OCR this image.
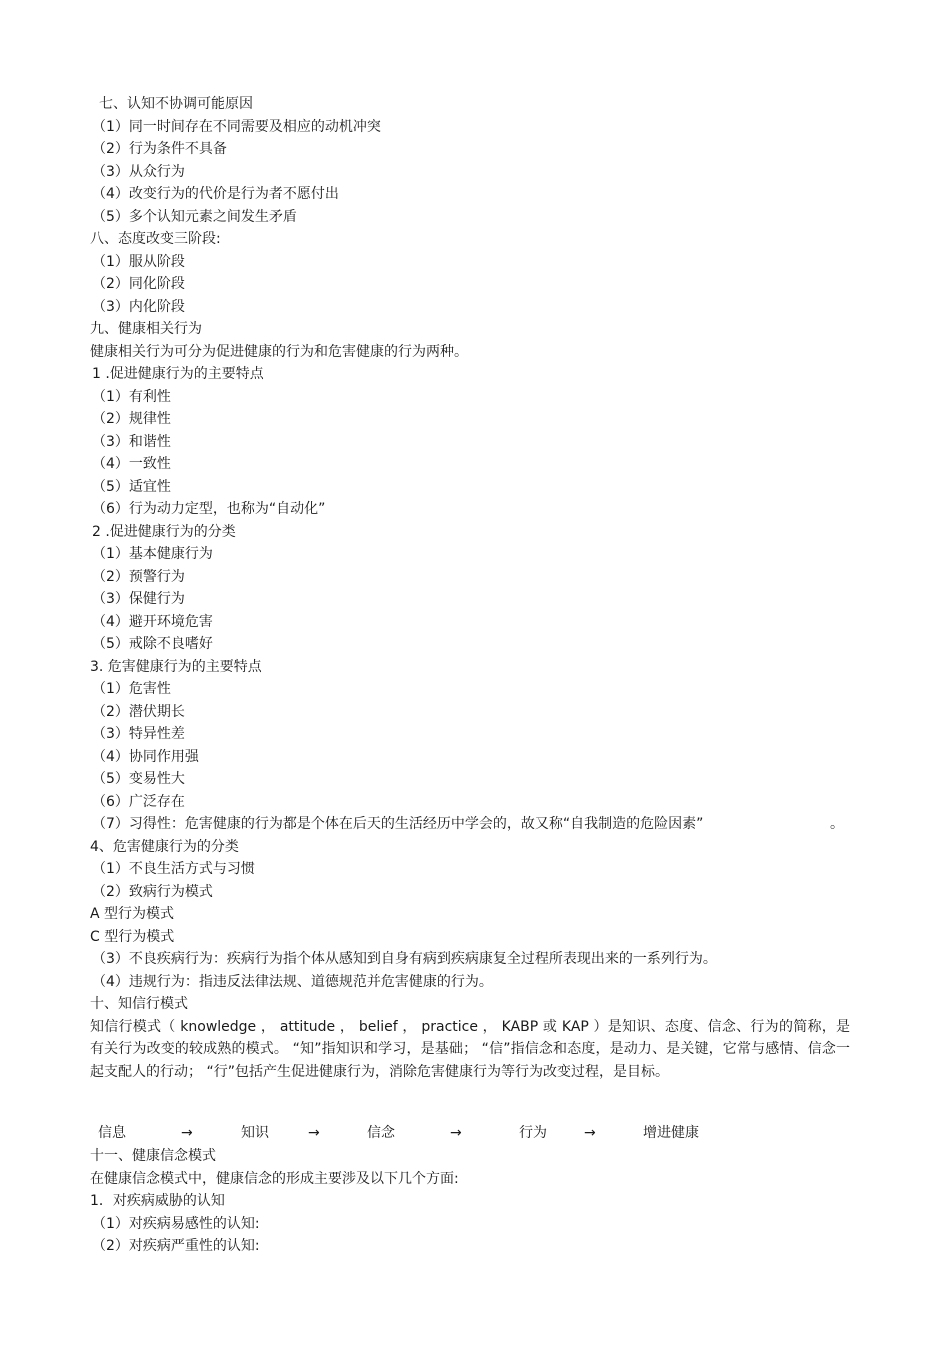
七、认知不协调可能原因
（1）同一时间存在不同需要及相应的动机冲突
（2）行为条件不具备
（3）从众行为
（4）改变行为的代价是行为者不愿付出
（5）多个认知元素之间发生矛盾
八、态度改变三阶段:
（1）服从阶段
（2）同化阶段
（3）内化阶段
九、健康相关行为
健康相关行为可分为促进健康的行为和危害健康的行为两种。
1 .促进健康行为的主要特点
（1）有利性
（2）规律性
（3）和谐性
（4）一致性
（5）适宜性
（6）行为动力定型，也称为“自动化”
2 .促进健康行为的分类
（1）基本健康行为
（2）预警行为
（3）保健行为
（4）避开环境危害
（5）戒除不良嗜好
3. 危害健康行为的主要特点
（1）危害性
（2）潜伏期长
（3）特异性差
（4）协同作用强
（5）变易性大
（6）广泛存在
（7）习得性：危害健康的行为都是个体在后天的生活经历中学会的，故又称“自我制造的危险因素”	。
4、危害健康行为的分类
（1）不良生活方式与习惯
（2）致病行为模式
A 型行为模式
C 型行为模式
（3）不良疾病行为：疾病行为指个体从感知到自身有病到疾病康复全过程所表现出来的一系列行为。
（4）违规行为：指违反法律法规、道德规范并危害健康的行为。
十、知信行模式
知信行模式（ knowledge ， attitude ， belief ， practice ， KABP 或 KAP ）是知识、态度、信念、行为的简称，是有关行为改变的较成熟的模式。 “知”指知识和学习，是基础； “信”指信念和态度，是动力、是关键，它常与感情、信念一起支配人的行动； “行”包括产生促进健康行为，消除危害健康行为等行为改变过程，是目标。
信息	→	知识	→	信念	→	行为	→	增进健康
十一、健康信念模式
在健康信念模式中，健康信念的形成主要涉及以下几个方面:
1．对疾病威胁的认知
（1）对疾病易感性的认知:
（2）对疾病严重性的认知:
